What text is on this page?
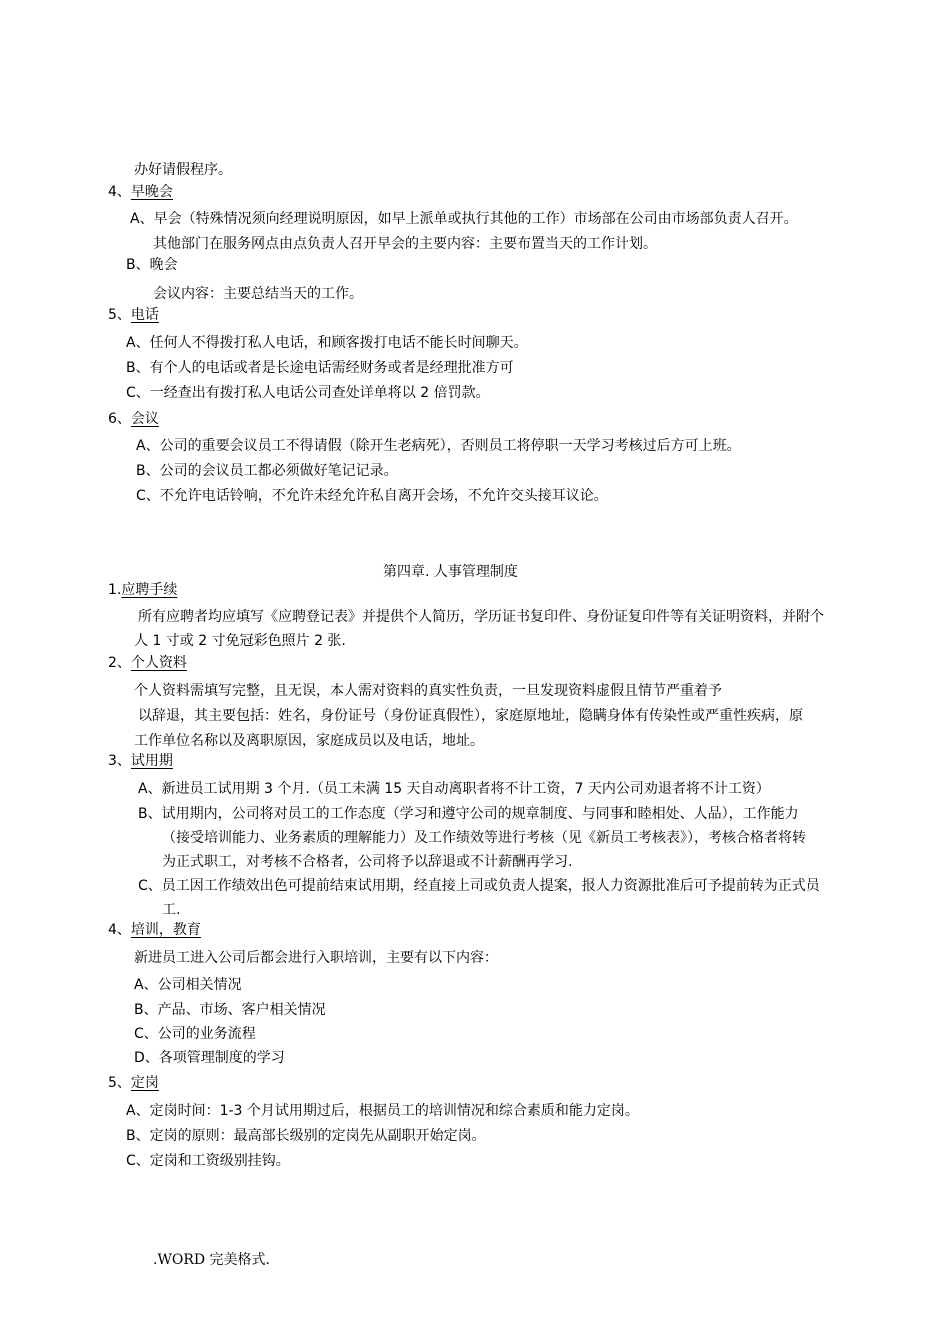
办好请假程序。
4、早晚会
A、早会（特殊情况须向经理说明原因，如早上派单或执行其他的工作）市场部在公司由市场部负责人召开。
其他部门在服务网点由点负责人召开早会的主要内容：主要布置当天的工作计划。
B、晚会
会议内容：主要总结当天的工作。
5、电话
A、任何人不得拨打私人电话，和顾客拨打电话不能长时间聊天。
B、有个人的电话或者是长途电话需经财务或者是经理批准方可
C、一经查出有拨打私人电话公司查处详单将以 2 倍罚款。
6、会议
A、公司的重要会议员工不得请假（除开生老病死），否则员工将停职一天学习考核过后方可上班。
B、公司的会议员工都必须做好笔记记录。
C、不允许电话铃响，不允许未经允许私自离开会场，不允许交头接耳议论。
第四章. 人事管理制度
1.应聘手续
所有应聘者均应填写《应聘登记表》并提供个人简历，学历证书复印件、身份证复印件等有关证明资料，并附个
人 1 寸或 2 寸免冠彩色照片 2 张.
2、个人资料
个人资料需填写完整，且无误，本人需对资料的真实性负责，一旦发现资料虚假且情节严重着予
以辞退，其主要包括：姓名，身份证号（身份证真假性），家庭原地址，隐瞒身体有传染性或严重性疾病，原
工作单位名称以及离职原因，家庭成员以及电话，地址。
3、试用期
A、新进员工试用期 3 个月.（员工未满 15 天自动离职者将不计工资，7 天内公司劝退者将不计工资）
B、试用期内，公司将对员工的工作态度（学习和遵守公司的规章制度、与同事和睦相处、人品），工作能力
（接受培训能力、业务素质的理解能力）及工作绩效等进行考核（见《新员工考核表》），考核合格者将转
为正式职工，对考核不合格者，公司将予以辞退或不计薪酬再学习.
C、员工因工作绩效出色可提前结束试用期，经直接上司或负责人提案，报人力资源批准后可予提前转为正式员
工.
4、培训，教育
新进员工进入公司后都会进行入职培训，主要有以下内容：
A、公司相关情况
B、产品、市场、客户相关情况
C、公司的业务流程
D、各项管理制度的学习
5、定岗
A、定岗时间：1-3 个月试用期过后，根据员工的培训情况和综合素质和能力定岗。
B、定岗的原则：最高部长级别的定岗先从副职开始定岗。
C、定岗和工资级别挂钩。
.WORD 完美格式.
